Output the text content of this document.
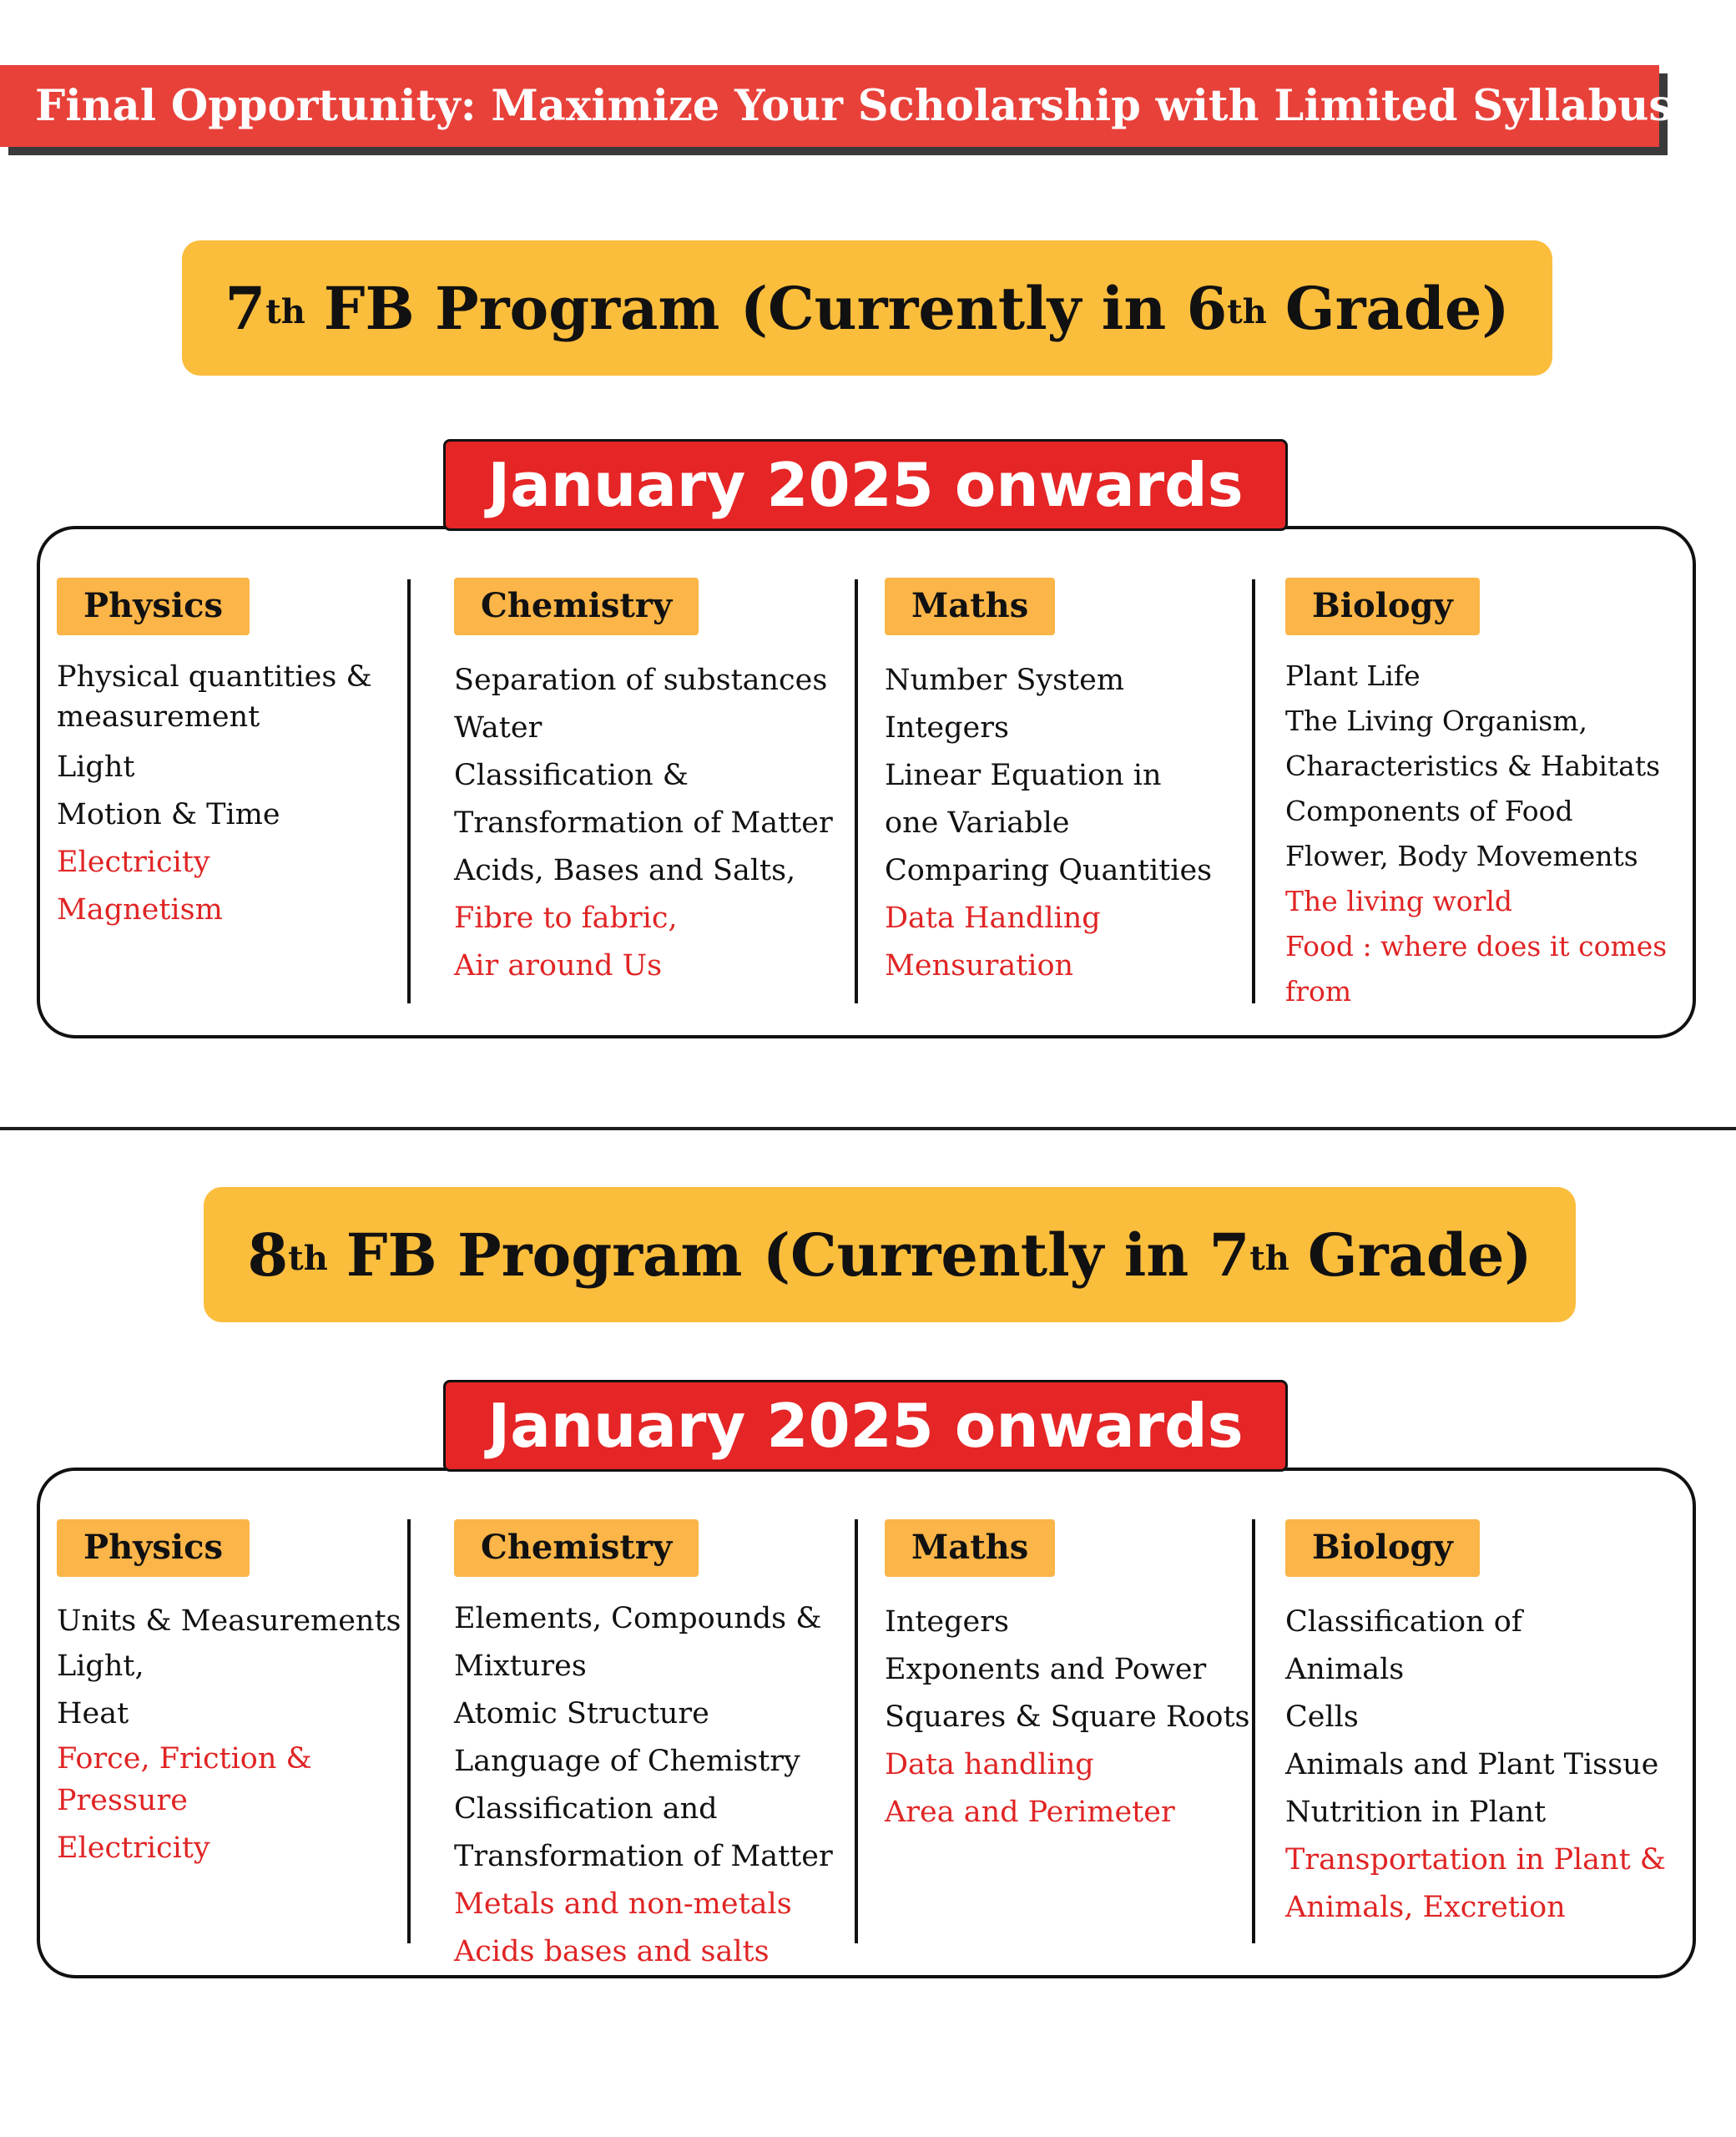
Final Opportunity: Maximize Your Scholarship with Limited Syllabus!
7th FB Program (Currently in 6th Grade)
January 2025 onwards
Physics
Physical quantities &
measurement
Light
Motion & Time
Electricity
Magnetism
Chemistry
Separation of substances
Water
Classification &
Transformation of Matter
Acids, Bases and Salts,
Fibre to fabric,
Air around Us
Maths
Number System
Integers
Linear Equation in
one Variable
Comparing Quantities
Data Handling
Mensuration
Biology
Plant Life
The Living Organism,
Characteristics & Habitats
Components of Food
Flower, Body Movements
The living world
Food : where does it comes
from
8th FB Program (Currently in 7th Grade)
January 2025 onwards
Physics
Units & Measurements
Light,
Heat
Force, Friction &
Pressure
Electricity
Chemistry
Elements, Compounds &
Mixtures
Atomic Structure
Language of Chemistry
Classification and
Transformation of Matter
Metals and non-metals
Acids bases and salts
Maths
Integers
Exponents and Power
Squares & Square Roots
Data handling
Area and Perimeter
Biology
Classification of
Animals
Cells
Animals and Plant Tissue
Nutrition in Plant
Transportation in Plant &
Animals, Excretion
